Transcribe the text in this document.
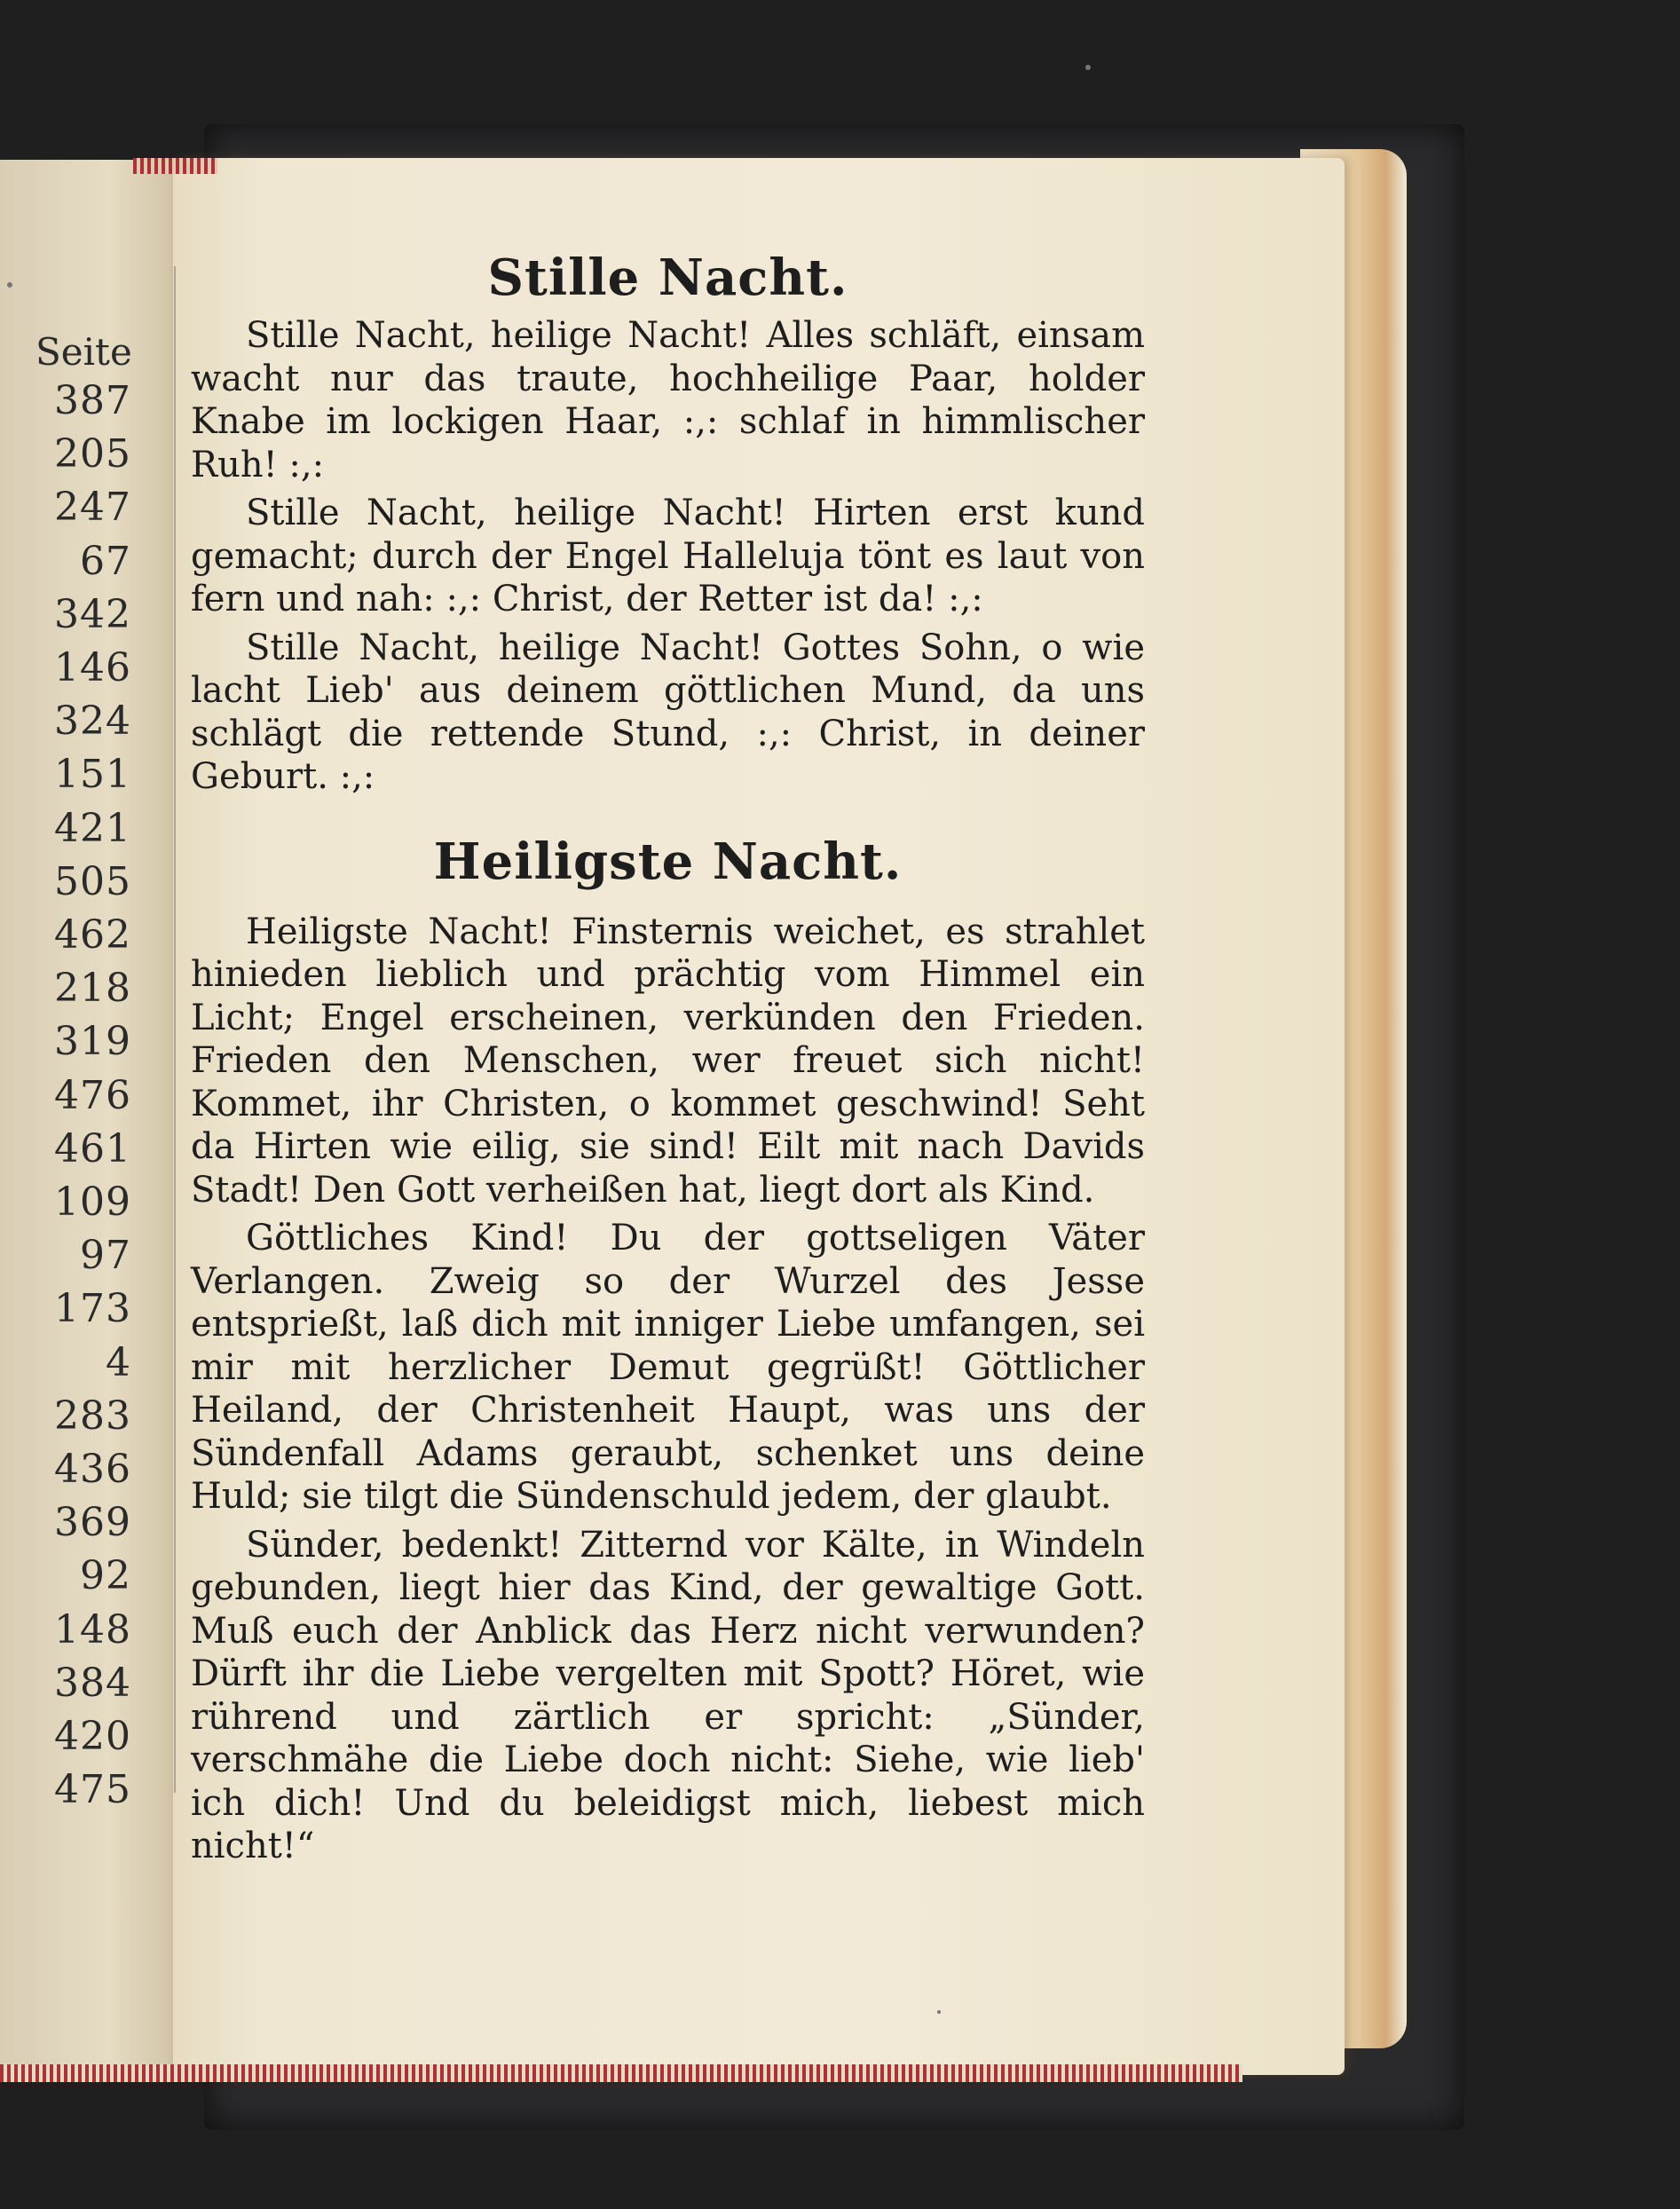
Seite
387
205
247
67
342
146
324
151
421
505
462
218
319
476
461
109
97
173
4
283
436
369
92
148
384
420
475
Stille Nacht.

Stille Nacht, heilige Nacht! Alles schläft, einsam wacht nur das traute, hochheilige Paar, holder Knabe im lockigen Haar, :,: schlaf in himmlischer Ruh! :,:

Stille Nacht, heilige Nacht! Hirten erst kund gemacht; durch der Engel Halleluja tönt es laut von fern und nah: :,: Christ, der Retter ist da! :,:

Stille Nacht, heilige Nacht! Gottes Sohn, o wie lacht Lieb' aus deinem göttlichen Mund, da uns schlägt die rettende Stund, :,: Christ, in deiner Geburt. :,:

Heiligste Nacht.

Heiligste Nacht! Finsternis weichet, es strahlet hinieden lieblich und prächtig vom Himmel ein Licht; Engel erscheinen, verkünden den Frieden. Frieden den Menschen, wer freuet sich nicht! Kommet, ihr Christen, o kommet geschwind! Seht da Hirten wie eilig, sie sind! Eilt mit nach Davids Stadt! Den Gott verheißen hat, liegt dort als Kind.

Göttliches Kind! Du der gottseligen Väter Verlangen. Zweig so der Wurzel des Jesse entsprießt, laß dich mit inniger Liebe umfangen, sei mir mit herzlicher Demut gegrüßt! Göttlicher Heiland, der Christenheit Haupt, was uns der Sündenfall Adams geraubt, schenket uns deine Huld; sie tilgt die Sündenschuld jedem, der glaubt.

Sünder, bedenkt! Zitternd vor Kälte, in Windeln gebunden, liegt hier das Kind, der gewaltige Gott. Muß euch der Anblick das Herz nicht verwunden? Dürft ihr die Liebe vergelten mit Spott? Höret, wie rührend und zärtlich er spricht: „Sünder, verschmähe die Liebe doch nicht: Siehe, wie lieb' ich dich! Und du beleidigst mich, liebest mich nicht!“
